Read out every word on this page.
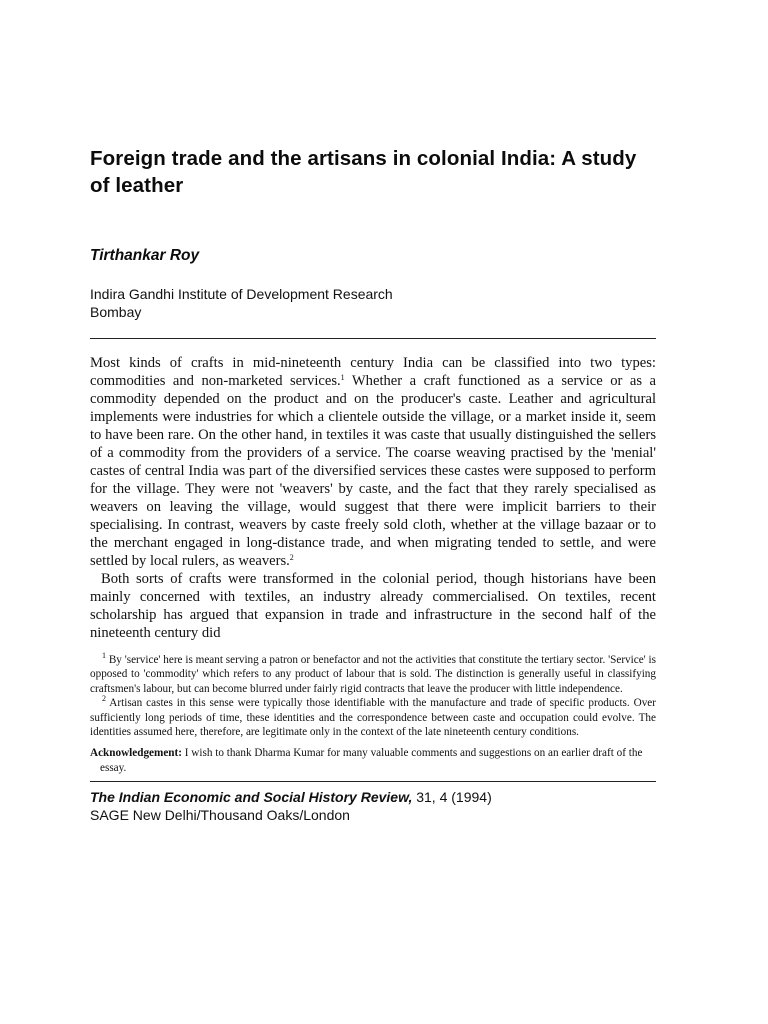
Foreign trade and the artisans in colonial India: A study of leather
Tirthankar Roy
Indira Gandhi Institute of Development Research
Bombay

Most kinds of crafts in mid-nineteenth century India can be classified into two types: commodities and non-marketed services.$^1$ Whether a craft functioned as a service or as a commodity depended on the product and on the producer's caste. Leather and agricultural implements were industries for which a clientele outside the village, or a market inside it, seem to have been rare. On the other hand, in textiles it was caste that usually distinguished the sellers of a commodity from the providers of a service. The coarse weaving practised by the 'menial' castes of central India was part of the diversified services these castes were supposed to perform for the village. They were not 'weavers' by caste, and the fact that they rarely specialised as weavers on leaving the village, would suggest that there were implicit barriers to their specialising. In contrast, weavers by caste freely sold cloth, whether at the village bazaar or to the merchant engaged in long-distance trade, and when migrating tended to settle, and were settled by local rulers, as weavers.$^2$

Both sorts of crafts were transformed in the colonial period, though historians have been mainly concerned with textiles, an industry already commercialised. On textiles, recent scholarship has argued that expansion in trade and infrastructure in the second half of the nineteenth century did

$^1$ By 'service' here is meant serving a patron or benefactor and not the activities that constitute the tertiary sector. 'Service' is opposed to 'commodity' which refers to any product of labour that is sold. The distinction is generally useful in classifying craftsmen's labour, but can become blurred under fairly rigid contracts that leave the producer with little independence.

$^2$ Artisan castes in this sense were typically those identifiable with the manufacture and trade of specific products. Over sufficiently long periods of time, these identities and the correspondence between caste and occupation could evolve. The identities assumed here, therefore, are legitimate only in the context of the late nineteenth century conditions.

Acknowledgement: I wish to thank Dharma Kumar for many valuable comments and suggestions on an earlier draft of the essay.
The Indian Economic and Social History Review, 31, 4 (1994)
SAGE New Delhi/Thousand Oaks/London
